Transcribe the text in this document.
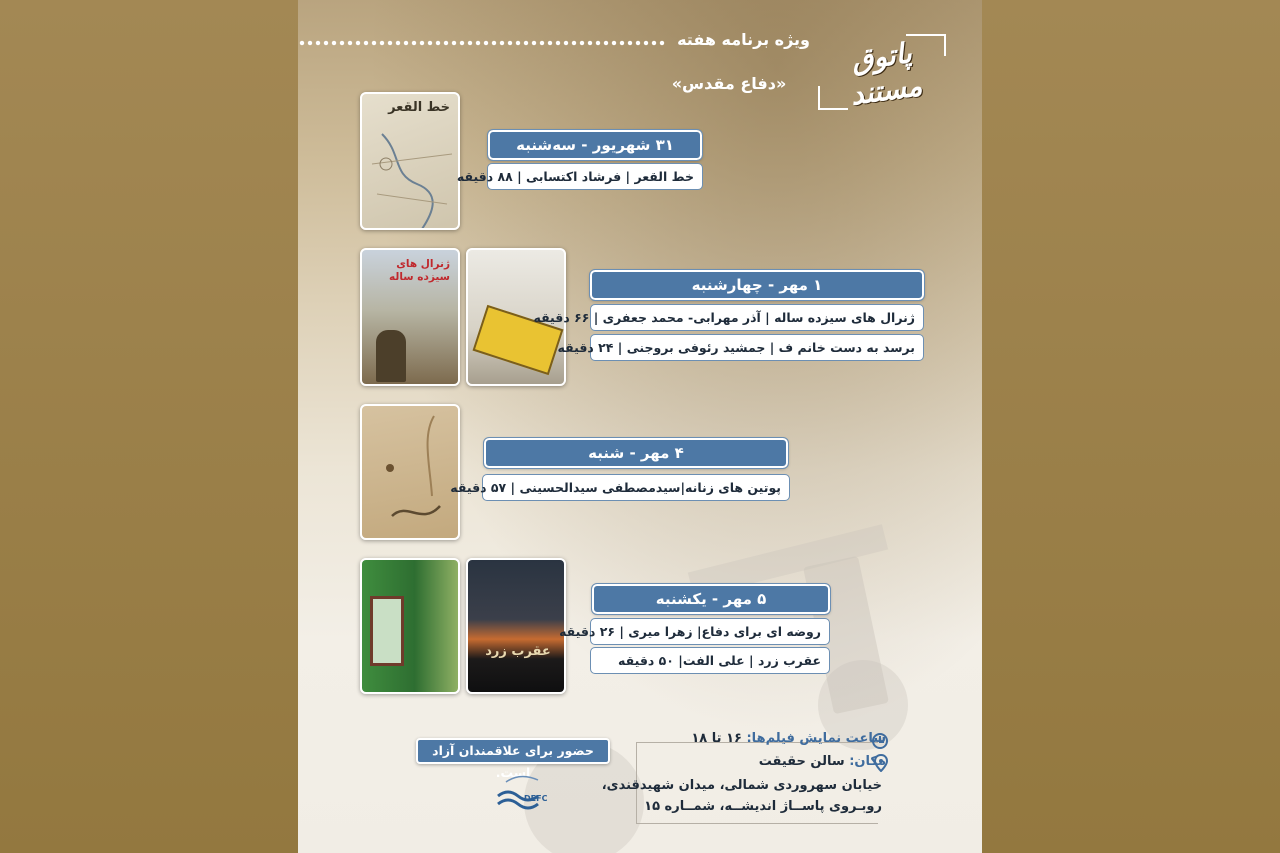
ویژه برنامه هفته
«دفاع مقدس»
پاتوق مستند
خط القعر
ژنرال های سیزده ساله
عقرب زرد
۳۱ شهریور - سه‌شنبه
خط القعر | فرشاد اکتسابی | ۸۸ دقیقه
۱ مهر - چهارشنبه
ژنرال های سیزده ساله | آذر مهرابی- محمد جعفری | ۶۶ دقیقه
برسد به دست خانم ف | جمشید رئوفی بروجنی | ۲۴ دقیقه
۴ مهر - شنبه
پوتین های زنانه|سیدمصطفی سیدالحسینی | ۵۷ دقیقه
۵ مهر - یکشنبه
روضه ای برای دفاع| زهرا میری | ۲۶ دقیقه
عقرب زرد | علی الفت| ۵۰ دقیقه
حضور برای علاقمندان آزاد است.
DEFC
ساعت نمایش فیلم‌ها: ۱۶ تا ۱۸
مکان: سالن حقیقت
خیابان سهروردی شمالی، میدان شهیدقندی،
روبـروی پاســاژ اندیشــه، شمــاره ۱۵
